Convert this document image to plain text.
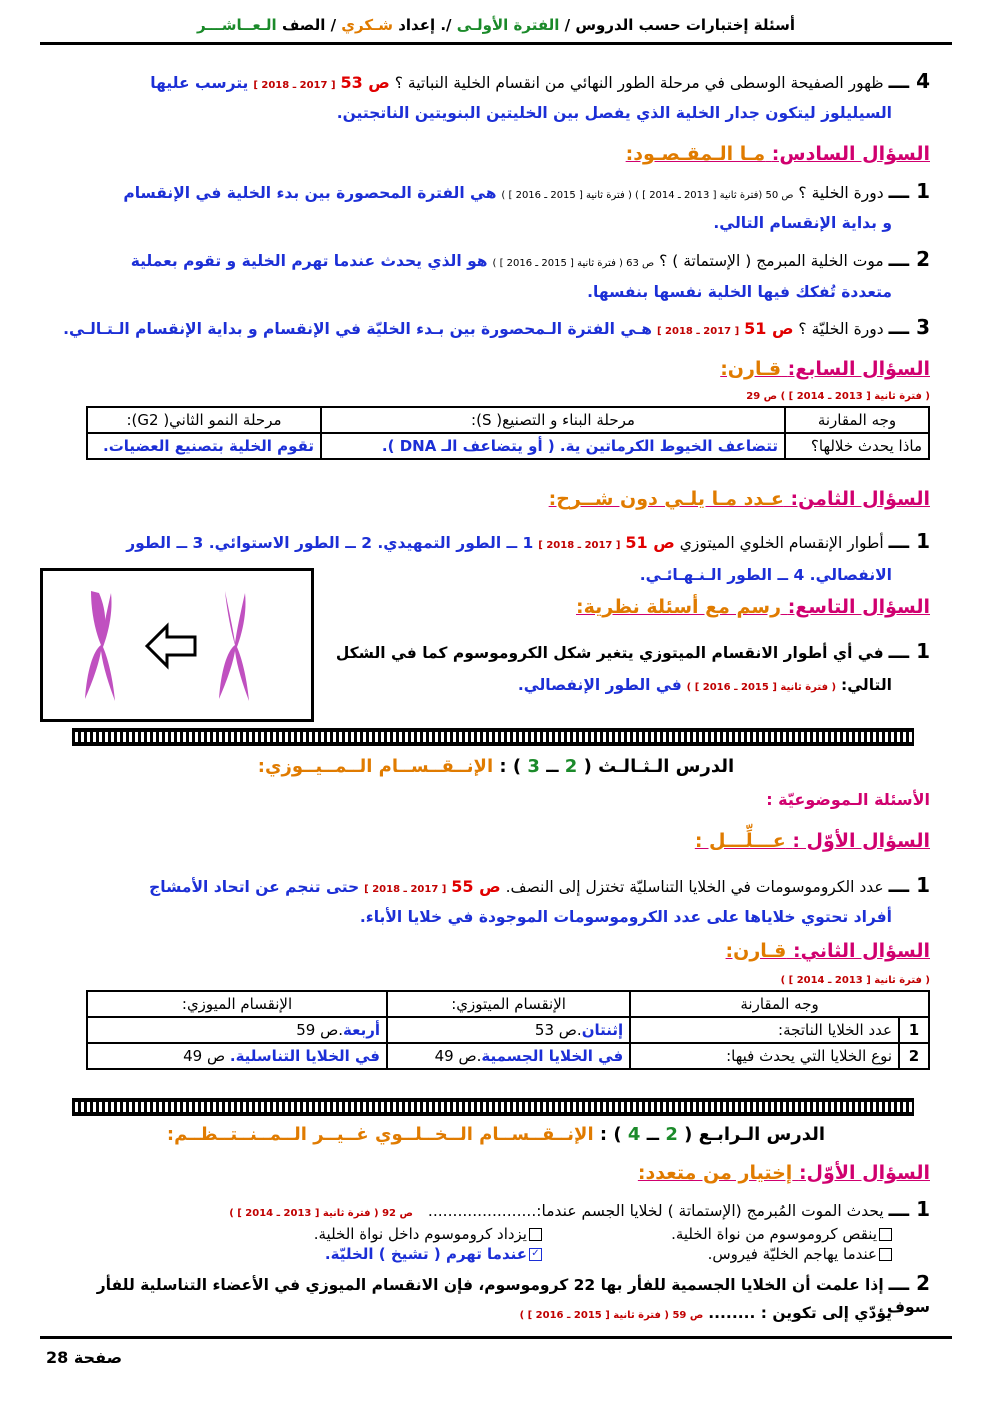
أسئلة إختبارات حسب الدروس / الفترة الأولـى /. إعداد شـكري / الصف الـعــاشـــر
4 ـــ ظهور الصفيحة الوسطى في مرحلة الطور النهائي من انقسام الخلية النباتية ؟ ص 53 [ 2017 ـ 2018 ] يترسب عليها
السيليلوز ليتكون جدار الخلية الذي يفصل بين الخليتين البنويتين الناتجتين.
السؤال السادس: مـا الـمقـصـود:
1 ـــ دورة الخلية ؟ ص 50 (فترة ثانية [ 2013 ـ 2014 ] ) ( فترة ثانية [ 2015 ـ 2016 ] ) هي الفترة المحصورة بين بدء الخلية في الإنقسام
و بداية الإنقسام التالي.
2 ـــ موت الخلية المبرمج ( الإستماتة ) ؟ ص 63 ( فترة ثانية [ 2015 ـ 2016 ] ) هو الذي يحدث عندما تهرم الخلية و تقوم بعملية
متعددة تُفكك فيها الخلية نفسها بنفسها.
3 ـــ دورة الخليّة ؟ ص 51 [ 2017 ـ 2018 ] هـي الفترة الـمحصورة بين بـدء الخليّة في الإنقسام و بداية الإنقسام الـتـالـي.
السؤال السابع: قـارن:
( فترة ثانية [ 2013 ـ 2014 ] ) ص 29
وجه المقارنة	مرحلة البناء و التصنيع( S):	مرحلة النمو الثاني( G2):
ماذا يحدث خلالها؟	تتضاعف الخيوط الكرماتين ية. ( أو يتضاعف الـ DNA ).	تقوم الخلية بتصنيع العضيات.
السؤال الثامن: عـدد مـا يلـي دون شــرح:
1 ـــ أطوار الإنقسام الخلوي الميتوزي ص 51 [ 2017 ـ 2018 ] 1 ــ الطور التمهيدي. 2 ــ الطور الاستوائي. 3 ــ الطور
الانفصالي. 4 ــ الطور الـنـهـائـي.
السؤال التاسع: رسم مع أسئلة نظرية:
1 ـــ في أي أطوار الانقسام الميتوزي يتغير شكل الكروموسوم كما في الشكل
التالي: ( فترة ثانية [ 2015 ـ 2016 ] ) في الطور الإنفصالي.
الدرس الـثـالـث ( 2 ــ 3 ) : الإنــقــســام الــمــيــوزي:
الأسئلة الـموضوعيّة :
السؤال الأوّل : عـــلِّـــل :
1 ـــ عدد الكروموسومات في الخلايا التناسليّة تختزل إلى النصف. ص 55 [ 2017 ـ 2018 ] حتى تنجم عن اتحاد الأمشاج
أفراد تحتوي خلاياها على عدد الكروموسومات الموجودة في خلايا الأباء.
السؤال الثاني: قـارن:
( فترة ثانية [ 2013 ـ 2014 ] )
وجه المقارنة		الإنقسام الميتوزي:	الإنقسام الميوزي:
1	عدد الخلايا الناتجة:	إثنتان.ص 53	أربعة.ص 59
2	نوع الخلايا التي يحدث فيها:	في الخلايا الجسمية.ص 49	في الخلايا التناسلية. ص 49
الدرس الـرابـع ( 2 ــ 4 ) : الإنــقــســام الــخــلــوي غــيــر الــمــنــتــظــم:
السؤال الأوّل: إختيار من متعدد:
1 ـــ يحدث الموت المُبرمج (الإستماتة ) لخلايا الجسم عندما:...................... ص 92 ( فترة ثانية [ 2013 ـ 2014 ] )
ينقص كروموسوم من نواة الخلية.
عندما يهاجم الخليّة فيروس.
يزداد كروموسوم داخل نواة الخلية.
✓عندما تهرم ( تشيخ ) الخليّة.
2 ـــ إذا علمت أن الخلايا الجسمية للفأر بها 22 كروموسوم، فإن الانقسام الميوزي في الأعضاء التناسلية للفأر سوف
يؤدّي إلى تكوين : ........ ص 59 ( فترة ثانية [ 2015 ـ 2016 ] )
صفحة 28
